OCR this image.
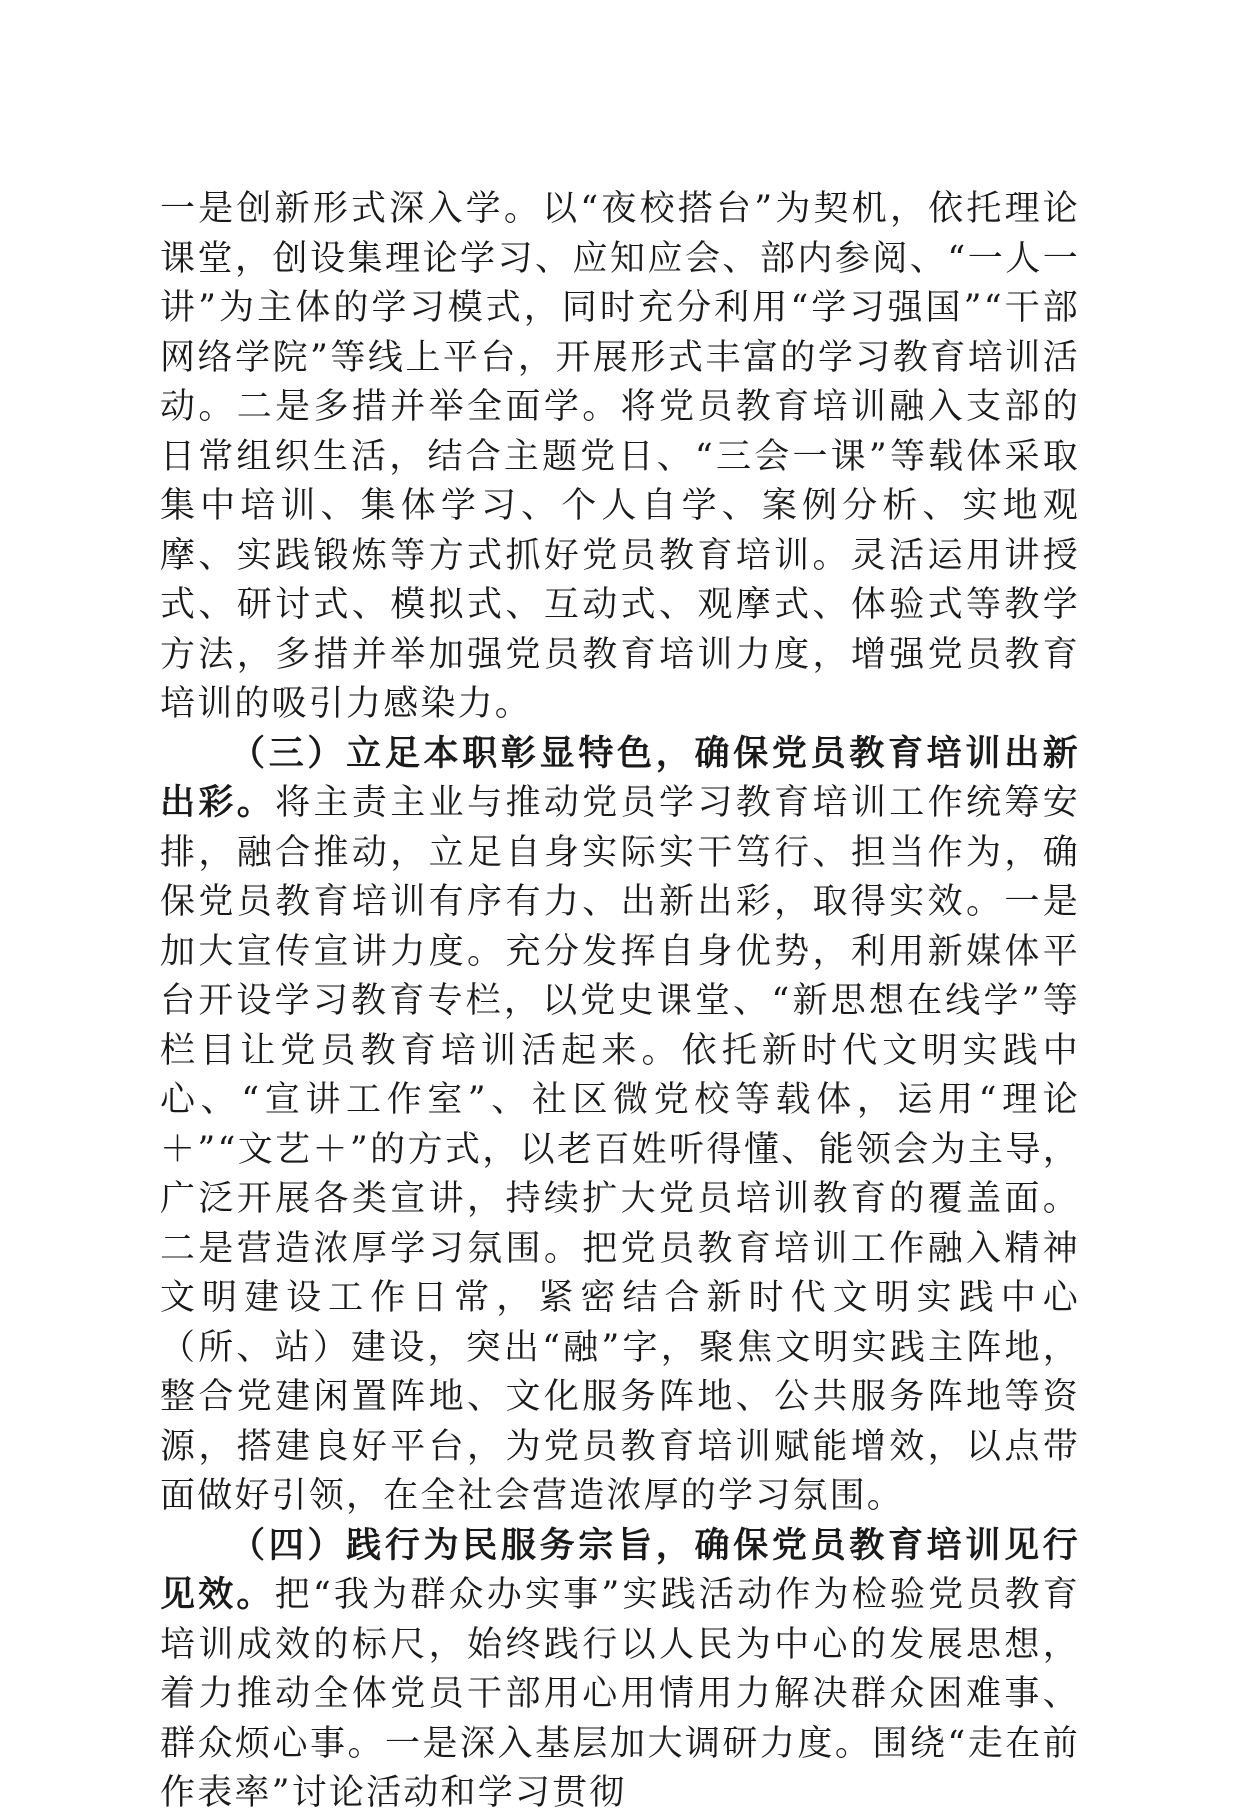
一是创新形式深入学。以“夜校搭台”为契机，依托理论课堂，创设集理论学习、应知应会、部内参阅、“一人一讲”为主体的学习模式，同时充分利用“学习强国”“干部网络学院”等线上平台，开展形式丰富的学习教育培训活动。二是多措并举全面学。将党员教育培训融入支部的日常组织生活，结合主题党日、“三会一课”等载体采取集中培训、集体学习、个人自学、案例分析、实地观摩、实践锻炼等方式抓好党员教育培训。灵活运用讲授式、研讨式、模拟式、互动式、观摩式、体验式等教学方法，多措并举加强党员教育培训力度，增强党员教育培训的吸引力感染力。

（三）立足本职彰显特色，确保党员教育培训出新出彩。将主责主业与推动党员学习教育培训工作统筹安排，融合推动，立足自身实际实干笃行、担当作为，确保党员教育培训有序有力、出新出彩，取得实效。一是加大宣传宣讲力度。充分发挥自身优势，利用新媒体平台开设学习教育专栏，以党史课堂、“新思想在线学”等栏目让党员教育培训活起来。依托新时代文明实践中心、“宣讲工作室”、社区微党校等载体，运用“理论＋”“文艺＋”的方式，以老百姓听得懂、能领会为主导，广泛开展各类宣讲，持续扩大党员培训教育的覆盖面。二是营造浓厚学习氛围。把党员教育培训工作融入精神文明建设工作日常，紧密结合新时代文明实践中心（所、站）建设，突出“融”字，聚焦文明实践主阵地，整合党建闲置阵地、文化服务阵地、公共服务阵地等资源，搭建良好平台，为党员教育培训赋能增效，以点带面做好引领，在全社会营造浓厚的学习氛围。

（四）践行为民服务宗旨，确保党员教育培训见行见效。把“我为群众办实事”实践活动作为检验党员教育培训成效的标尺，始终践行以人民为中心的发展思想，着力推动全体党员干部用心用情用力解决群众困难事、群众烦心事。一是深入基层加大调研力度。围绕“走在前作表率”讨论活动和学习贯彻
